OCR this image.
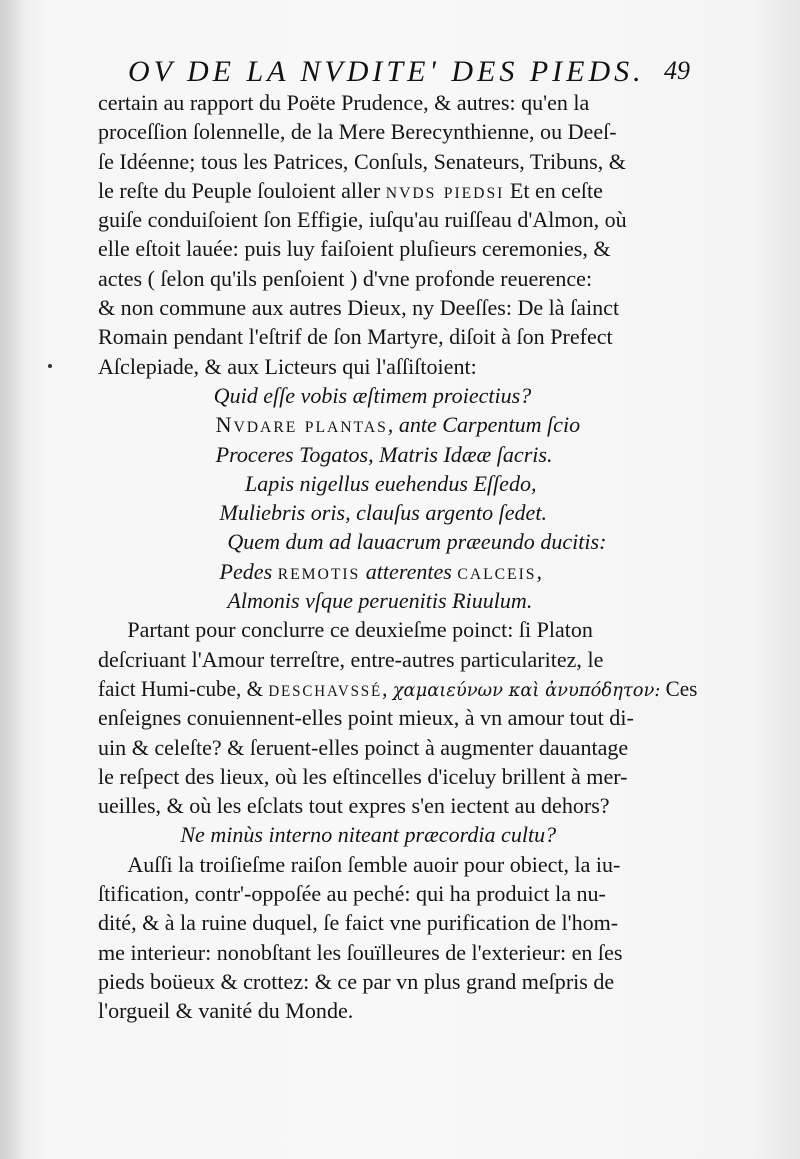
OV DE LA NVDITE' DES PIEDS. 49
certain au rapport du Poëte Prudence, & autres: qu'en la
proceſſion ſolennelle, de la Mere Berecynthienne, ou Deeſ-
ſe Idéenne; tous les Patrices, Conſuls, Senateurs, Tribuns, &
le reſte du Peuple ſouloient aller nvds piedsi Et en ceſte
guiſe conduiſoient ſon Effigie, iuſqu'au ruiſſeau d'Almon, où
elle eſtoit lauée: puis luy faiſoient pluſieurs ceremonies, &
actes ( ſelon qu'ils penſoient ) d'vne profonde reuerence:
& non commune aux autres Dieux, ny Deeſſes: De là ſainct
Romain pendant l'eſtrif de ſon Martyre, diſoit à ſon Prefect
Aſclepiade, & aux Licteurs qui l'aſſiſtoient:
Quid eſſe vobis æſtimem proiectius?
Nvdare plantas, ante Carpentum ſcio
Proceres Togatos, Matris Idææ ſacris.
Lapis nigellus euehendus Eſſedo,
Muliebris oris, clauſus argento ſedet.
Quem dum ad lauacrum præeundo ducitis:
Pedes remotis atterentes calceis,
Almonis vſque peruenitis Riuulum.
Partant pour conclurre ce deuxieſme poinct: ſi Platon
deſcriuant l'Amour terreſtre, entre-autres particularitez, le
faict Humi-cube, & deschavssé, χαμαιεύνων καὶ ἀνυπόδητον: Ces
enſeignes conuiennent-elles point mieux, à vn amour tout di-
uin & celeſte? & ſeruent-elles poinct à augmenter dauantage
le reſpect des lieux, où les eſtincelles d'iceluy brillent à mer-
ueilles, & où les eſclats tout expres s'en iectent au dehors?
Ne minùs interno niteant præcordia cultu?
Auſſi la troiſieſme raiſon ſemble auoir pour obiect, la iu-
ſtification, contr'-oppoſée au peché: qui ha produict la nu-
dité, & à la ruine duquel, ſe faict vne purification de l'hom-
me interieur: nonobſtant les ſouïlleures de l'exterieur: en ſes
pieds boüeux & crottez: & ce par vn plus grand meſpris de
l'orgueil & vanité du Monde.
